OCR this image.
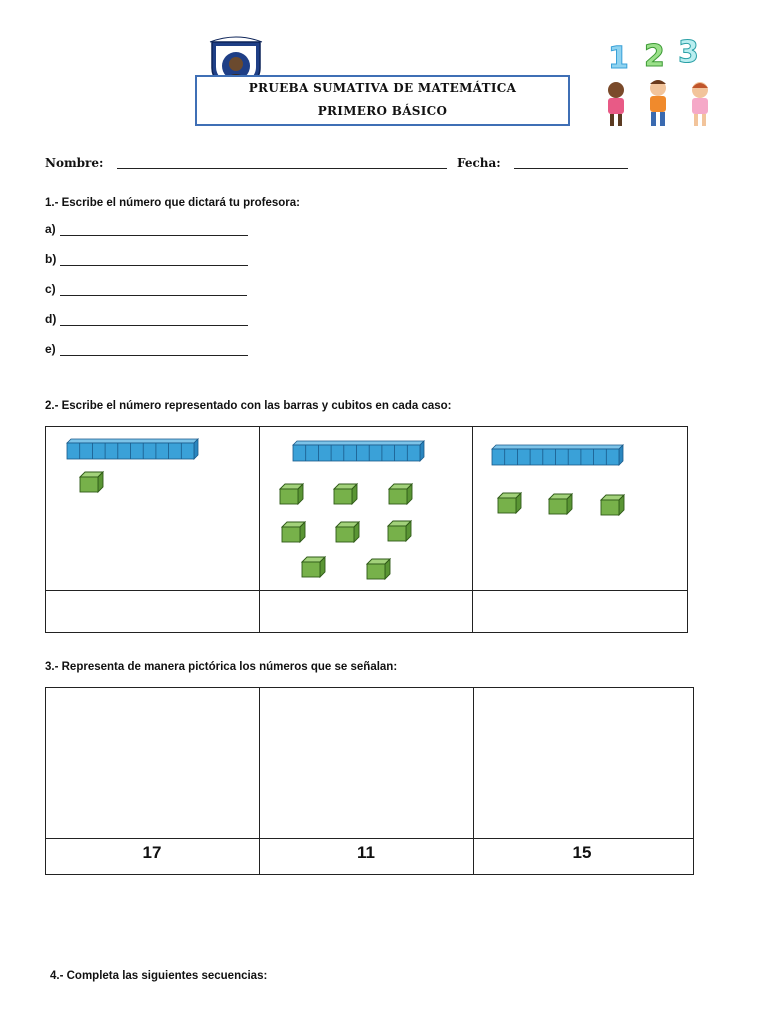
PRUEBA SUMATIVA DE MATEMÁTICA
PRIMERO BÁSICO
1 2 3
Nombre:	Fecha:
1.- Escribe el número que dictará tu profesora:
a)
b)
c)
d)
e)
2.- Escribe el número representado con las barras y cubitos en cada caso:
3.- Representa de manera pictórica los números que se señalan:
17	11	15
4.- Completa las siguientes secuencias:
